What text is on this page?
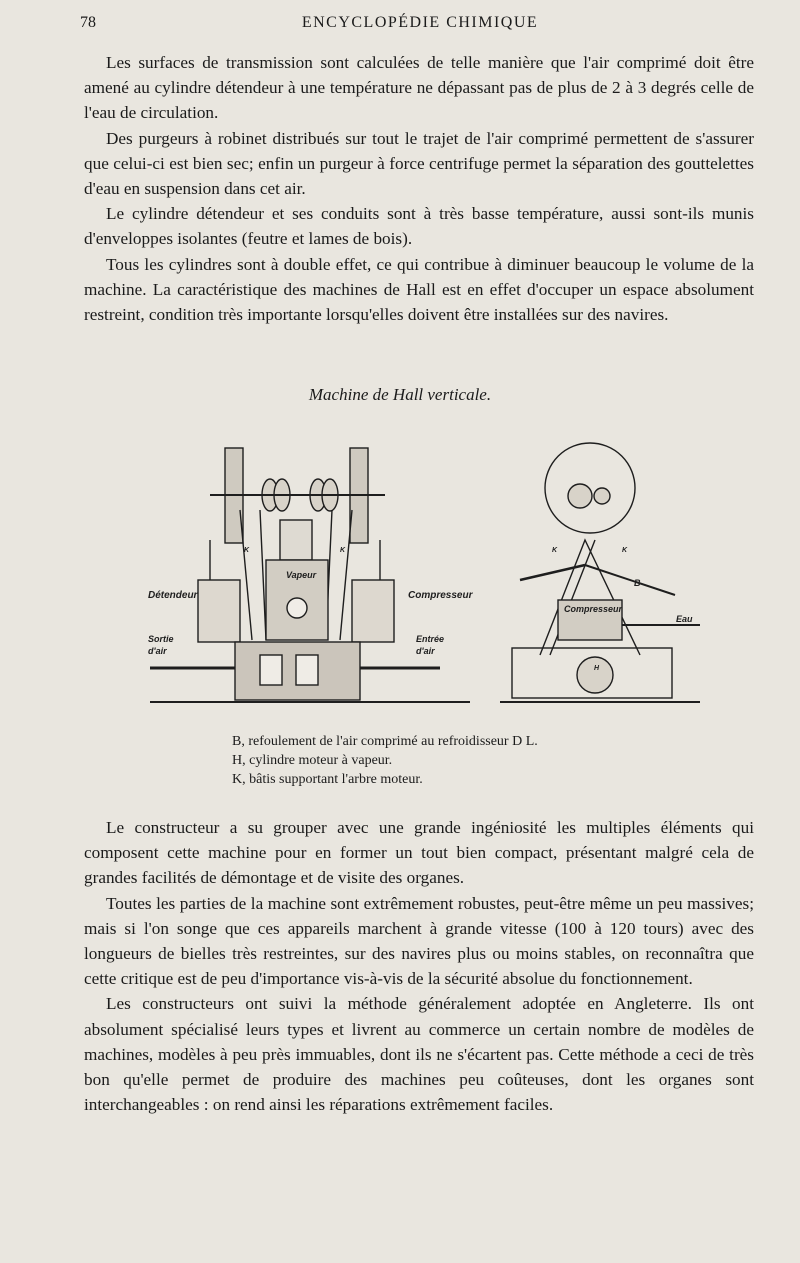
78	ENCYCLOPÉDIE CHIMIQUE

Les surfaces de transmission sont calculées de telle manière que l'air comprimé doit être amené au cylindre détendeur à une température ne dépassant pas de plus de 2 à 3 degrés celle de l'eau de circulation.

Des purgeurs à robinet distribués sur tout le trajet de l'air comprimé permettent de s'assurer que celui-ci est bien sec; enfin un purgeur à force centrifuge permet la séparation des gouttelettes d'eau en suspension dans cet air.

Le cylindre détendeur et ses conduits sont à très basse température, aussi sont-ils munis d'enveloppes isolantes (feutre et lames de bois).

Tous les cylindres sont à double effet, ce qui contribue à diminuer beaucoup le volume de la machine. La caractéristique des machines de Hall est en effet d'occuper un espace absolument restreint, condition très importante lorsqu'elles doivent être installées sur des navires.

Machine de Hall verticale.
Détendeur	Compresseur
Vapeur
Sortie
d'air
Entrée
d'air
K	K	K	K
B
H
Compresseur
Eau
B, refoulement de l'air comprimé au refroidisseur D L.
H, cylindre moteur à vapeur.
K, bâtis supportant l'arbre moteur.

Le constructeur a su grouper avec une grande ingéniosité les multiples éléments qui composent cette machine pour en former un tout bien compact, présentant malgré cela de grandes facilités de démontage et de visite des organes.

Toutes les parties de la machine sont extrêmement robustes, peut-être même un peu massives; mais si l'on songe que ces appareils marchent à grande vitesse (100 à 120 tours) avec des longueurs de bielles très restreintes, sur des navires plus ou moins stables, on reconnaîtra que cette critique est de peu d'importance vis-à-vis de la sécurité absolue du fonctionnement.

Les constructeurs ont suivi la méthode généralement adoptée en Angleterre. Ils ont absolument spécialisé leurs types et livrent au commerce un certain nombre de modèles de machines, modèles à peu près immuables, dont ils ne s'écartent pas. Cette méthode a ceci de très bon qu'elle permet de produire des machines peu coûteuses, dont les organes sont interchangeables : on rend ainsi les réparations extrêmement faciles.
